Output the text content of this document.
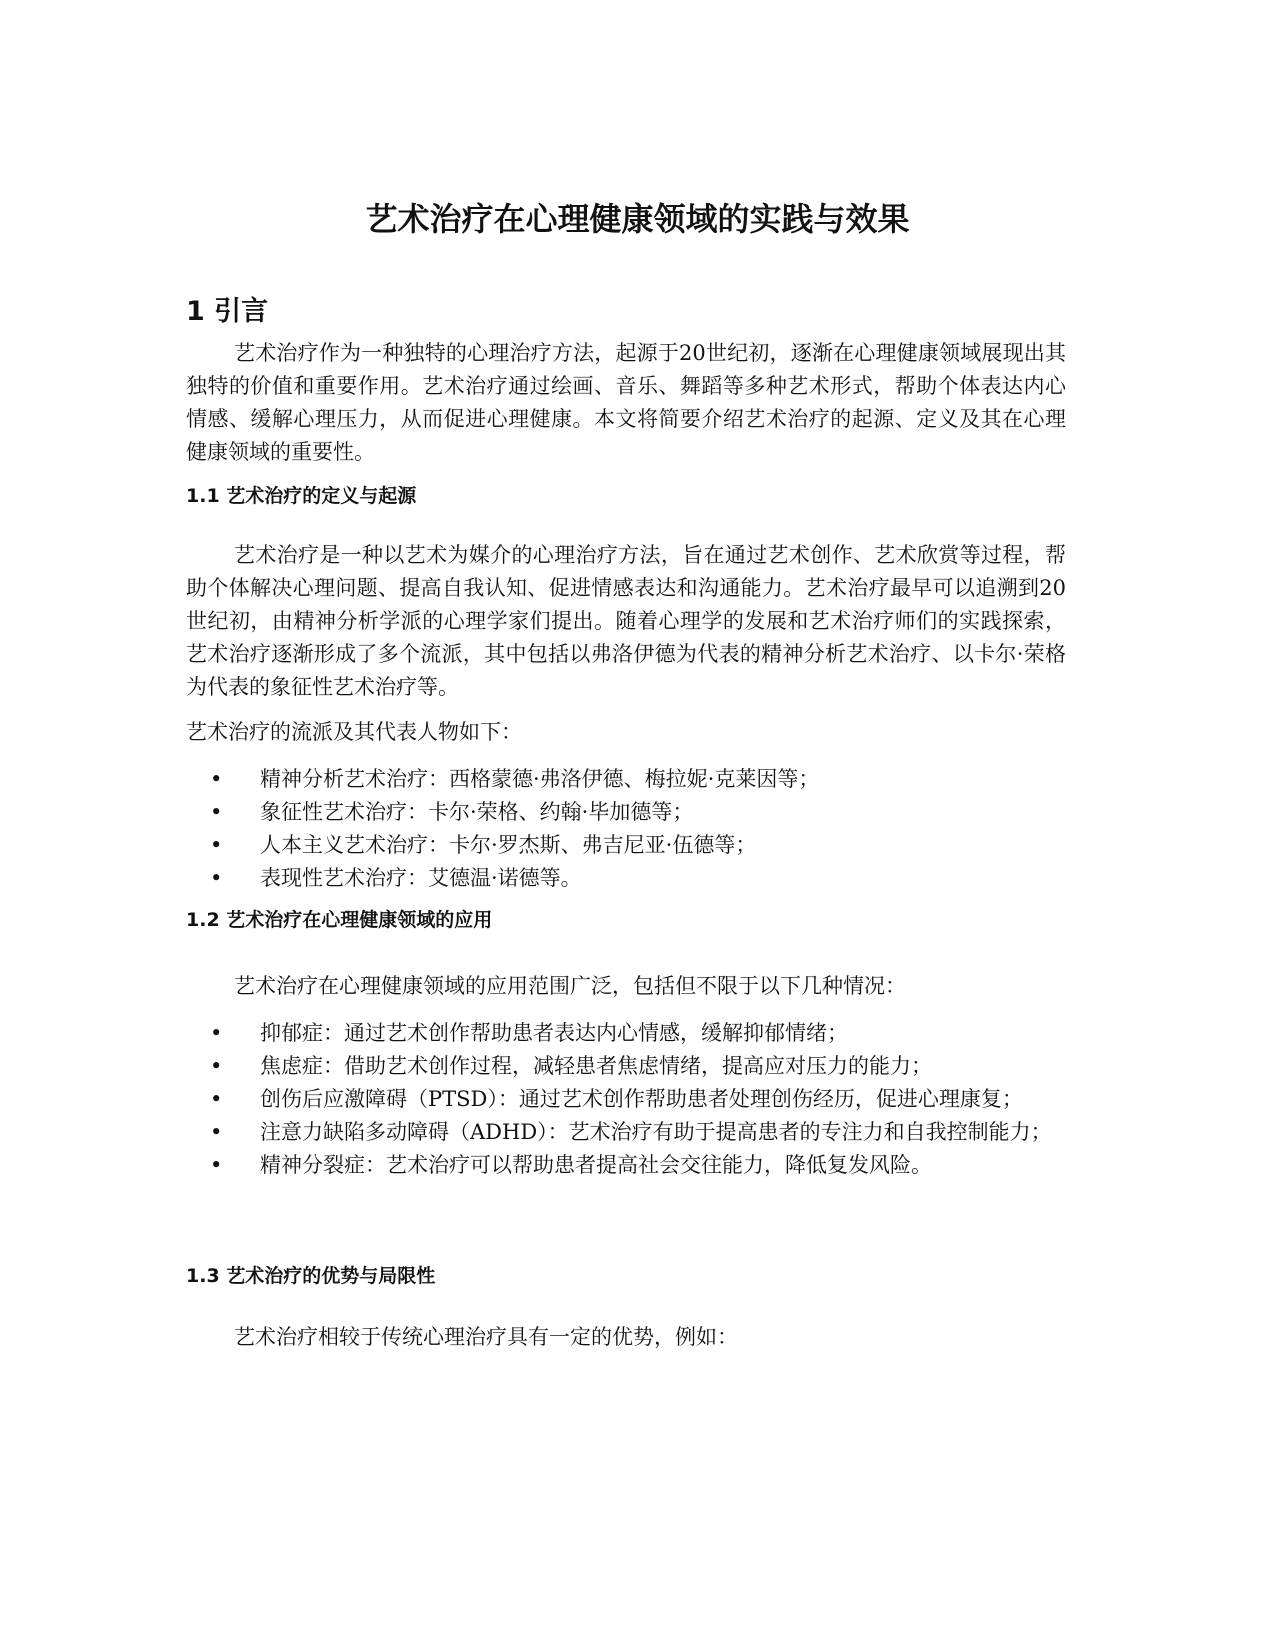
艺术治疗在心理健康领域的实践与效果
1 引言

艺术治疗作为一种独特的心理治疗方法，起源于20世纪初，逐渐在心理健康领域展现出其独特的价值和重要作用。艺术治疗通过绘画、音乐、舞蹈等多种艺术形式，帮助个体表达内心情感、缓解心理压力，从而促进心理健康。本文将简要介绍艺术治疗的起源、定义及其在心理健康领域的重要性。

1.1 艺术治疗的定义与起源

艺术治疗是一种以艺术为媒介的心理治疗方法，旨在通过艺术创作、艺术欣赏等过程，帮助个体解决心理问题、提高自我认知、促进情感表达和沟通能力。艺术治疗最早可以追溯到20世纪初，由精神分析学派的心理学家们提出。随着心理学的发展和艺术治疗师们的实践探索，艺术治疗逐渐形成了多个流派，其中包括以弗洛伊德为代表的精神分析艺术治疗、以卡尔·荣格为代表的象征性艺术治疗等。

艺术治疗的流派及其代表人物如下：

• 精神分析艺术治疗：西格蒙德·弗洛伊德、梅拉妮·克莱因等；
• 象征性艺术治疗：卡尔·荣格、约翰·毕加德等；
• 人本主义艺术治疗：卡尔·罗杰斯、弗吉尼亚·伍德等；
• 表现性艺术治疗：艾德温·诺德等。
1.2 艺术治疗在心理健康领域的应用

艺术治疗在心理健康领域的应用范围广泛，包括但不限于以下几种情况：

• 抑郁症：通过艺术创作帮助患者表达内心情感，缓解抑郁情绪；
• 焦虑症：借助艺术创作过程，减轻患者焦虑情绪，提高应对压力的能力；
• 创伤后应激障碍（PTSD）：通过艺术创作帮助患者处理创伤经历，促进心理康复；
• 注意力缺陷多动障碍（ADHD）：艺术治疗有助于提高患者的专注力和自我控制能力；
• 精神分裂症：艺术治疗可以帮助患者提高社会交往能力，降低复发风险。
1.3 艺术治疗的优势与局限性

艺术治疗相较于传统心理治疗具有一定的优势，例如：
